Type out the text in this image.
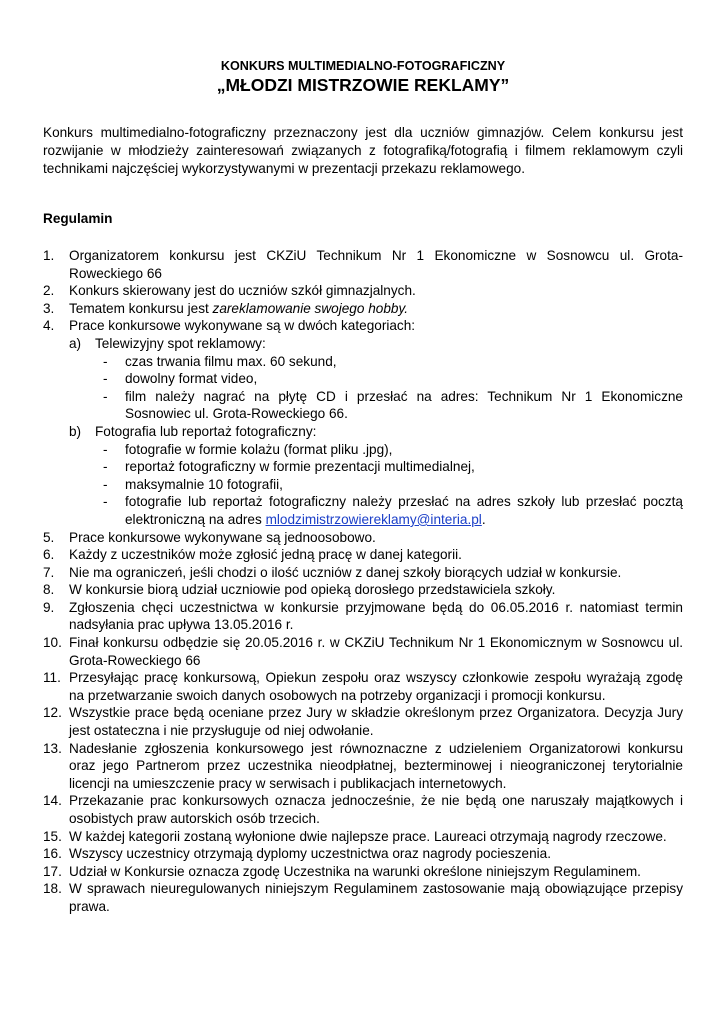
KONKURS MULTIMEDIALNO-FOTOGRAFICZNY

„MŁODZI MISTRZOWIE REKLAMY”

Konkurs multimedialno-fotograficzny przeznaczony jest dla uczniów gimnazjów. Celem konkursu jest rozwijanie w młodzieży zainteresowań związanych z fotografiką/fotografią i filmem reklamowym czyli technikami najczęściej wykorzystywanymi w prezentacji przekazu reklamowego.
Regulamin
1. Organizatorem konkursu jest CKZiU Technikum Nr 1 Ekonomiczne w Sosnowcu ul. Grota-Roweckiego 66
2. Konkurs skierowany jest do uczniów szkół gimnazjalnych.
3. Tematem konkursu jest zareklamowanie swojego hobby.
4. Prace konkursowe wykonywane są w dwóch kategoriach:
a) Telewizyjny spot reklamowy:
- czas trwania filmu max. 60 sekund,
- dowolny format video,
- film należy nagrać na płytę CD i przesłać na adres: Technikum Nr 1 Ekonomiczne Sosnowiec ul. Grota-Roweckiego 66.
b) Fotografia lub reportaż fotograficzny:
- fotografie w formie kolażu (format pliku .jpg),
- reportaż fotograficzny w formie prezentacji multimedialnej,
- maksymalnie 10 fotografii,
- fotografie lub reportaż fotograficzny należy przesłać na adres szkoły lub przesłać pocztą elektroniczną na adres mlodzimistrzowiereklamy@interia.pl.
5. Prace konkursowe wykonywane są jednoosobowo.
6. Każdy z uczestników może zgłosić jedną pracę w danej kategorii.
7. Nie ma ograniczeń, jeśli chodzi o ilość uczniów z danej szkoły biorących udział w konkursie.
8. W konkursie biorą udział uczniowie pod opieką dorosłego przedstawiciela szkoły.
9. Zgłoszenia chęci uczestnictwa w konkursie przyjmowane będą do 06.05.2016 r. natomiast termin nadsyłania prac upływa 13.05.2016 r.
10. Finał konkursu odbędzie się 20.05.2016 r. w CKZiU Technikum Nr 1 Ekonomicznym w Sosnowcu ul. Grota-Roweckiego 66
11. Przesyłając pracę konkursową, Opiekun zespołu oraz wszyscy członkowie zespołu wyrażają zgodę na przetwarzanie swoich danych osobowych na potrzeby organizacji i promocji konkursu.
12. Wszystkie prace będą oceniane przez Jury w składzie określonym przez Organizatora. Decyzja Jury jest ostateczna i nie przysługuje od niej odwołanie.
13. Nadesłanie zgłoszenia konkursowego jest równoznaczne z udzieleniem Organizatorowi konkursu oraz jego Partnerom przez uczestnika nieodpłatnej, bezterminowej i nieograniczonej terytorialnie licencji na umieszczenie pracy w serwisach i publikacjach internetowych.
14. Przekazanie prac konkursowych oznacza jednocześnie, że nie będą one naruszały majątkowych i osobistych praw autorskich osób trzecich.
15. W każdej kategorii zostaną wyłonione dwie najlepsze prace. Laureaci otrzymają nagrody rzeczowe.
16. Wszyscy uczestnicy otrzymają dyplomy uczestnictwa oraz nagrody pocieszenia.
17. Udział w Konkursie oznacza zgodę Uczestnika na warunki określone niniejszym Regulaminem.
18. W sprawach nieuregulowanych niniejszym Regulaminem zastosowanie mają obowiązujące przepisy prawa.
